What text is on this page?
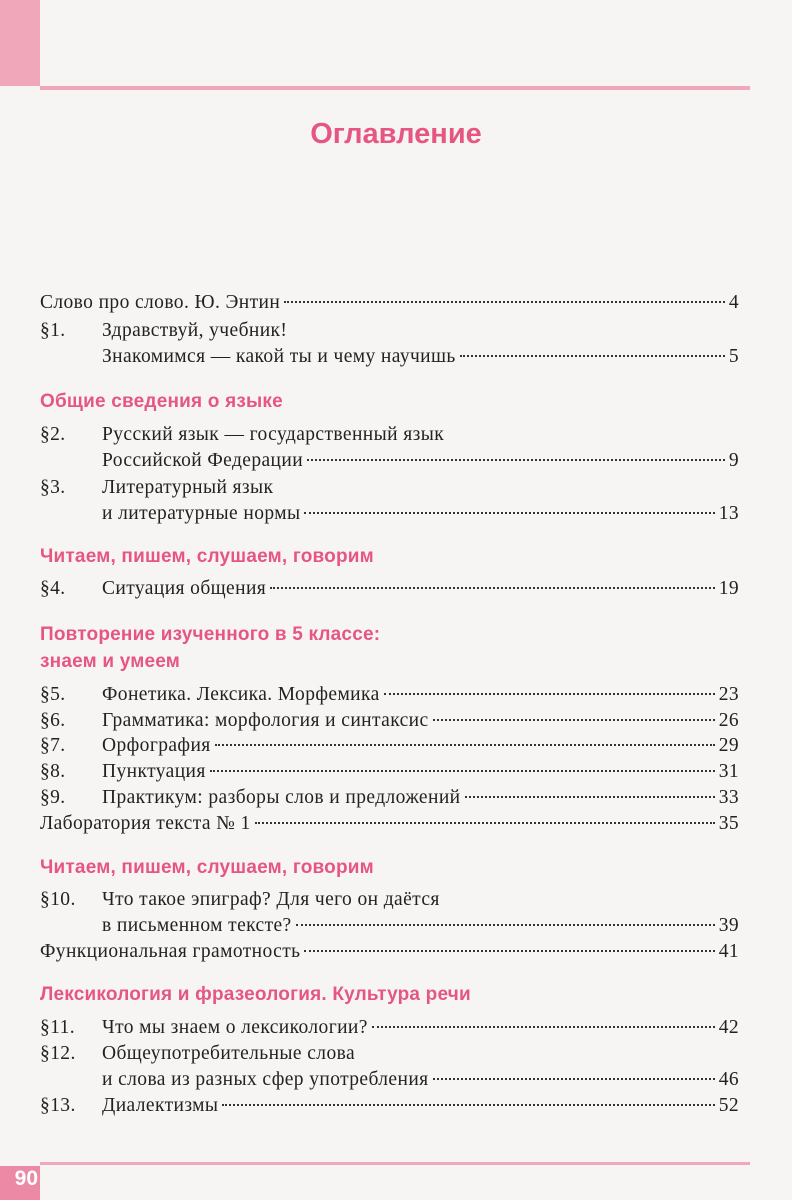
90
Оглавление
Слово про слово. Ю. Энтин	4
§1.	Здравствуй, учебник!
Знакомимся — какой ты и чему научишь	5
Общие сведения о языке
§2.	Русский язык — государственный язык
Российской Федерации	9
§3.	Литературный язык
и литературные нормы	13
Читаем, пишем, слушаем, говорим
§4.	Ситуация общения	19
Повторение изученного в 5 классе:
знаем и умеем
§5.	Фонетика. Лексика. Морфемика	23
§6.	Грамматика: морфология и синтаксис	26
§7.	Орфография	29
§8.	Пунктуация	31
§9.	Практикум: разборы слов и предложений	33
Лаборатория текста № 1	35
Читаем, пишем, слушаем, говорим
§10.	Что такое эпиграф? Для чего он даётся
в письменном тексте?	39
Функциональная грамотность	41
Лексикология и фразеология. Культура речи
§11.	Что мы знаем о лексикологии?	42
§12.	Общеупотребительные слова
и слова из разных сфер употребления	46
§13.	Диалектизмы	52
